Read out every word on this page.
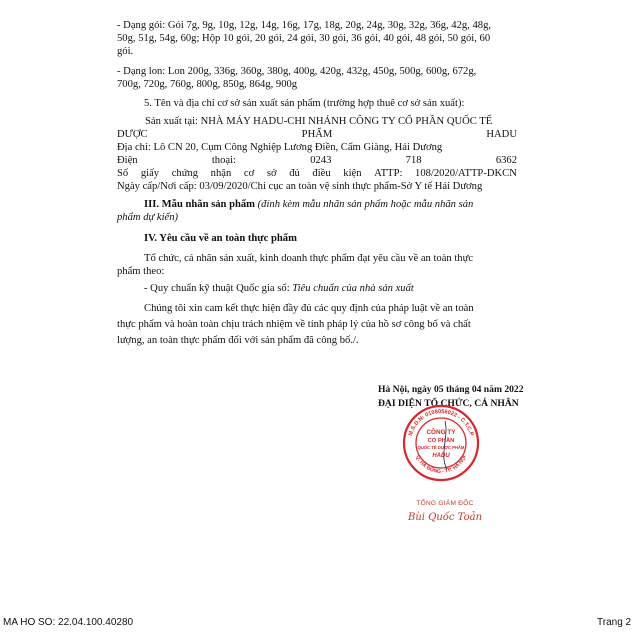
- Dạng gói: Gói 7g, 9g, 10g, 12g, 14g, 16g, 17g, 18g, 20g, 24g, 30g, 32g, 36g, 42g, 48g,

50g, 51g, 54g, 60g; Hộp 10 gói, 20 gói, 24 gói, 30 gói, 36 gói, 40 gói, 48 gói, 50 gói, 60

gói.

- Dạng lon: Lon 200g, 336g, 360g, 380g, 400g, 420g, 432g, 450g, 500g, 600g, 672g,

700g, 720g, 760g, 800g, 850g, 864g, 900g

5. Tên và địa chỉ cơ sở sản xuất sản phẩm (trường hợp thuê cơ sở sản xuất):

Sản xuất tại: NHÀ MÁY HADU-CHI NHÁNH CÔNG TY CỔ PHẦN QUỐC TẾ

DƯỢC	PHẨM	HADU

Địa chỉ: Lô CN 20, Cụm Công Nghiệp Lương Điền, Cẩm Giàng, Hải Dương

Điện	thoại:	0243	718	6362
Số giấy chứng nhận cơ sở đủ điều kiện ATTP: 108/2020/ATTP-DKCN

Ngày cấp/Nơi cấp: 03/09/2020/Chi cục an toàn vệ sinh thực phẩm-Sở Y tế Hải Dương

III. Mẫu nhãn sản phẩm (đính kèm mẫu nhãn sản phẩm hoặc mẫu nhãn sản

phẩm dự kiến)

IV. Yêu cầu về an toàn thực phẩm

Tổ chức, cá nhân sản xuất, kinh doanh thực phẩm đạt yêu cầu về an toàn thực

phẩm theo:

- Quy chuẩn kỹ thuật Quốc gia số: Tiêu chuẩn của nhà sản xuất

Chúng tôi xin cam kết thực hiện đầy đủ các quy định của pháp luật về an toàn

thực phẩm và hoàn toàn chịu trách nhiệm về tính pháp lý của hồ sơ công bố và chất

lượng, an toàn thực phẩm đối với sản phẩm đã công bố./.

Hà Nội, ngày 05 tháng 04 năm 2022
ĐẠI DIỆN TỔ CHỨC, CÁ NHÂN
M.S.D.N: 0108056022 - C.T.C.P
Q. HÀ ĐÔNG - TP. HÀ NỘI
CÔNG TY
CỔ PHẦN
QUỐC TẾ DƯỢC PHẨM
HADU
TỔNG GIÁM ĐỐC
Bùi Quốc Toản
MA HO SO: 22.04.100.40280	Trang 2
